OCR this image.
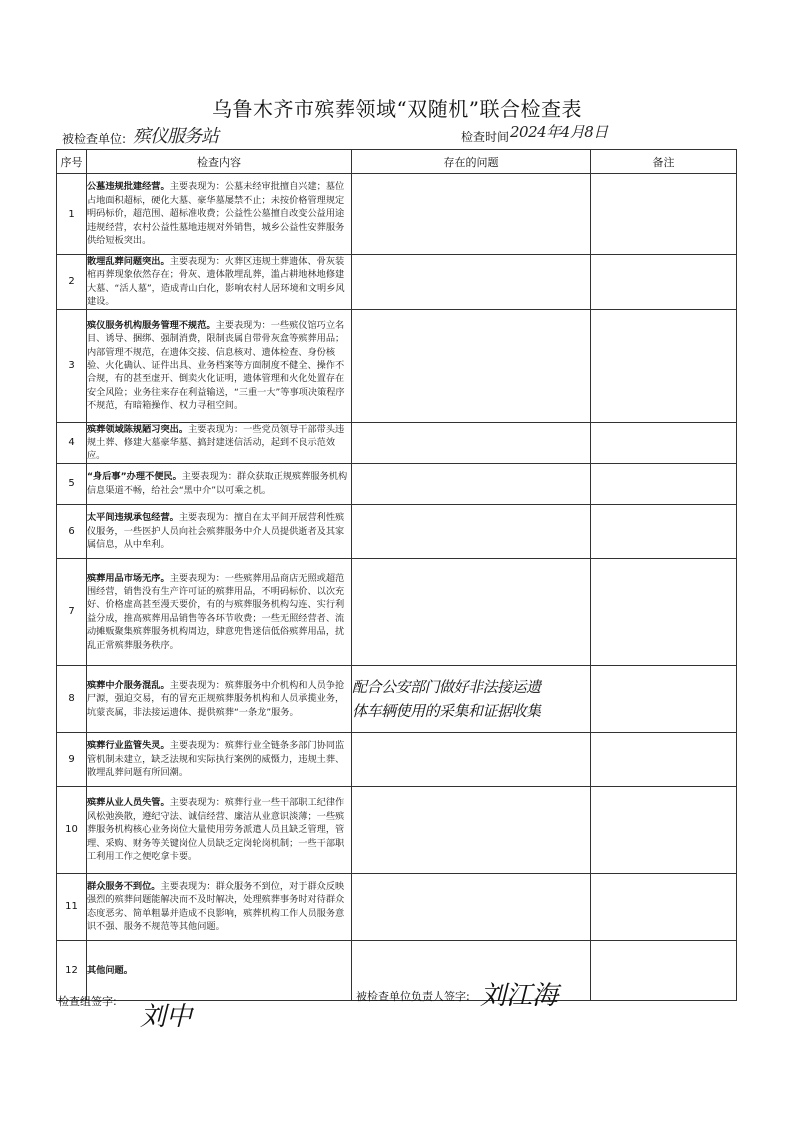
乌鲁木齐市殡葬领域“双随机”联合检查表
被检查单位: 殡仪服务站	检查时间 2024年4月8日
序号	检查内容	存在的问题	备注
1	公墓违规批建经营。主要表现为：公墓未经审批擅自兴建；墓位占地面积超标，硬化大墓、豪华墓屡禁不止；未按价格管理规定明码标价，超范围、超标准收费；公益性公墓擅自改变公益用途违规经营，农村公益性墓地违规对外销售，城乡公益性安葬服务供给短板突出。		
2	散埋乱葬问题突出。主要表现为：火葬区违规土葬遗体、骨灰装棺再葬现象依然存在；骨灰、遗体散埋乱葬，滥占耕地林地修建大墓、“活人墓”，造成青山白化，影响农村人居环境和文明乡风建设。		
3	殡仪服务机构服务管理不规范。主要表现为：一些殡仪馆巧立名目、诱导、捆绑、强制消费，限制丧属自带骨灰盒等殡葬用品；内部管理不规范，在遗体交接、信息核对、遗体检查、身份核验、火化确认、证件出具、业务档案等方面制度不健全、操作不合规，有的甚至虚开、倒卖火化证明，遗体管理和火化处置存在安全风险；业务往来存在利益输送，“三重一大”等事项决策程序不规范，有暗箱操作、权力寻租空间。		
4	殡葬领域陈规陋习突出。主要表现为：一些党员领导干部带头违规土葬、修建大墓豪华墓、搞封建迷信活动，起到不良示范效应。		
5	“身后事”办理不便民。主要表现为：群众获取正规殡葬服务机构信息渠道不畅，给社会“黑中介”以可乘之机。		
6	太平间违规承包经营。主要表现为：擅自在太平间开展营利性殡仪服务，一些医护人员向社会殡葬服务中介人员提供逝者及其家属信息，从中牟利。		
7	殡葬用品市场无序。主要表现为：一些殡葬用品商店无照或超范围经营，销售没有生产许可证的殡葬用品，不明码标价、以次充好、价格虚高甚至漫天要价，有的与殡葬服务机构勾连、实行利益分成，推高殡葬用品销售等各环节收费；一些无照经营者、流动摊贩聚集殡葬服务机构周边，肆意兜售迷信低俗殡葬用品，扰乱正常殡葬服务秩序。		
8	殡葬中介服务混乱。主要表现为：殡葬服务中介机构和人员争抢尸源，强迫交易，有的冒充正规殡葬服务机构和人员承揽业务，坑蒙丧属，非法接运遗体、提供殡葬“一条龙”服务。	配合公安部门做好非法接运遗
体车辆使用的采集和证据收集	

9	殡葬行业监管失灵。主要表现为：殡葬行业全链条多部门协同监管机制未建立，缺乏法规和实际执行案例的威慑力，违规土葬、散埋乱葬问题有所回潮。		
10	殡葬从业人员失管。主要表现为：殡葬行业一些干部职工纪律作风松弛涣散，遵纪守法、诚信经营、廉洁从业意识淡薄；一些殡葬服务机构核心业务岗位大量使用劳务派遣人员且缺乏管理，管理、采购、财务等关键岗位人员缺乏定岗轮岗机制；一些干部职工利用工作之便吃拿卡要。		
11	群众服务不到位。主要表现为：群众服务不到位，对于群众反映强烈的殡葬问题能解决而不及时解决，处理殡葬事务时对待群众态度恶劣、简单粗暴并造成不良影响，殡葬机构工作人员服务意识不强、服务不规范等其他问题。		
12	其他问题。		
检查组签字:
刘中
被检查单位负责人签字: 刘江海
